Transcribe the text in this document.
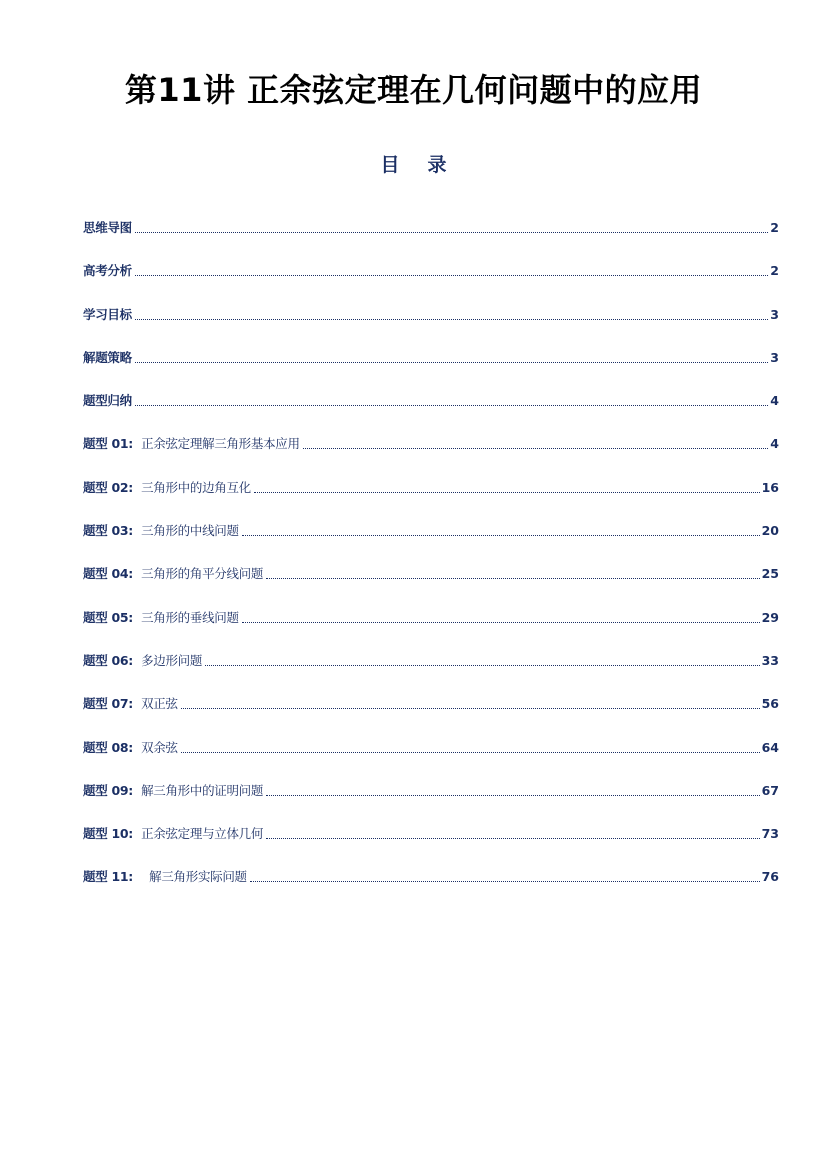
第11讲 正余弦定理在几何问题中的应用
目录
思维导图	2
高考分析	2
学习目标	3
解题策略	3
题型归纳	4
题型 01:  正余弦定理解三角形基本应用	4
题型 02:  三角形中的边角互化	16
题型 03:  三角形的中线问题	20
题型 04:  三角形的角平分线问题	25
题型 05:  三角形的垂线问题	29
题型 06:  多边形问题	33
题型 07:  双正弦	56
题型 08:  双余弦	64
题型 09:  解三角形中的证明问题	67
题型 10:  正余弦定理与立体几何	73
题型 11:    解三角形实际问题	76
